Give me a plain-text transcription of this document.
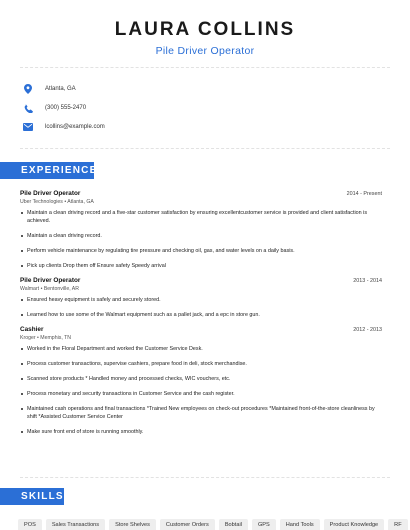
LAURA COLLINS
Pile Driver Operator
Atlanta, GA
(300) 555-2470
lcollins@example.com
EXPERIENCE
Pile Driver Operator	2014 - Present
Uber Technologies • Atlanta, GA
Maintain a clean driving record and a five-star customer satisfaction by ensuring excellentcustomer service is provided and client satisfaction is achieved.
Maintain a clean driving record.
Perform vehicle maintenance by regulating tire pressure and checking oil, gas, and water levels on a daily basis.
Pick up clients Drop them off Ensure safety Speedy arrival
Pile Driver Operator	2013 - 2014
Walmart • Bentonville, AR
Ensured heavy equipment is safely and securely stored.
Learned how to use some of the Walmart equipment such as a pallet jack, and a epc in store gun.
Cashier	2012 - 2013
Kroger • Memphis, TN
Worked in the Floral Department and worked the Customer Service Desk.
Process customer transactions, supervise cashiers, prepare food in deli, stock merchandise.
Scanned store products * Handled money and processed checks, WIC vouchers, etc.
Process monetary and security transactions in Customer Service and the cash register.
Maintained cash operations and final transactions *Trained New employees on check-out procedures *Maintained front-of-the-store cleanliness by shift *Assisted Customer Service Center
Make sure front end of store is running smoothly.
SKILLS
POS	Sales Transactions	Store Shelves	Customer Orders	Bobtail	GPS	Hand Tools	Product Knowledge	RF
